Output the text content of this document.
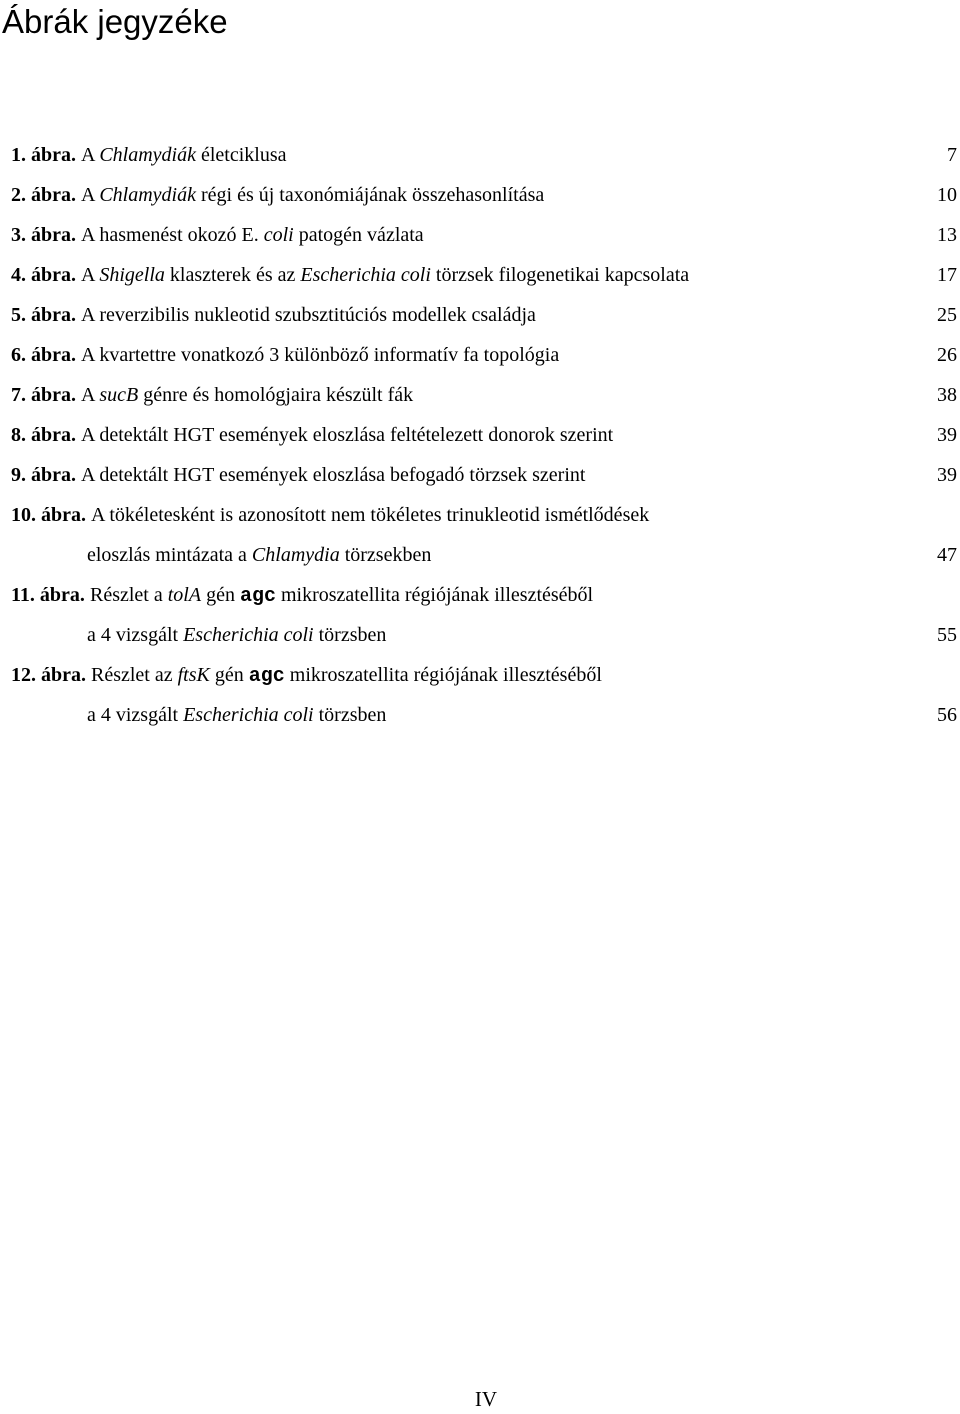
Ábrák jegyzéke
1. ábra. A Chlamydiák életciklusa	7
2. ábra. A Chlamydiák régi és új taxonómiájának összehasonlítása	10
3. ábra. A hasmenést okozó E. coli patogén vázlata	13
4. ábra. A Shigella klaszterek és az Escherichia coli törzsek filogenetikai kapcsolata	17
5. ábra. A reverzibilis nukleotid szubsztitúciós modellek családja	25
6. ábra. A kvartettre vonatkozó 3 különböző informatív fa topológia	26
7. ábra. A sucB génre és homológjaira készült fák	38
8. ábra. A detektált HGT események eloszlása feltételezett donorok szerint	39
9. ábra. A detektált HGT események eloszlása befogadó törzsek szerint	39
10. ábra. A tökéletesként is azonosított nem tökéletes trinukleotid ismétlődések
eloszlás mintázata a Chlamydia törzsekben	47
11. ábra. Részlet a tolA gén agc mikroszatellita régiójának illesztéséből
a 4 vizsgált Escherichia coli törzsben	55
12. ábra. Részlet az ftsK gén agc mikroszatellita régiójának illesztéséből
a 4 vizsgált Escherichia coli törzsben	56
IV
